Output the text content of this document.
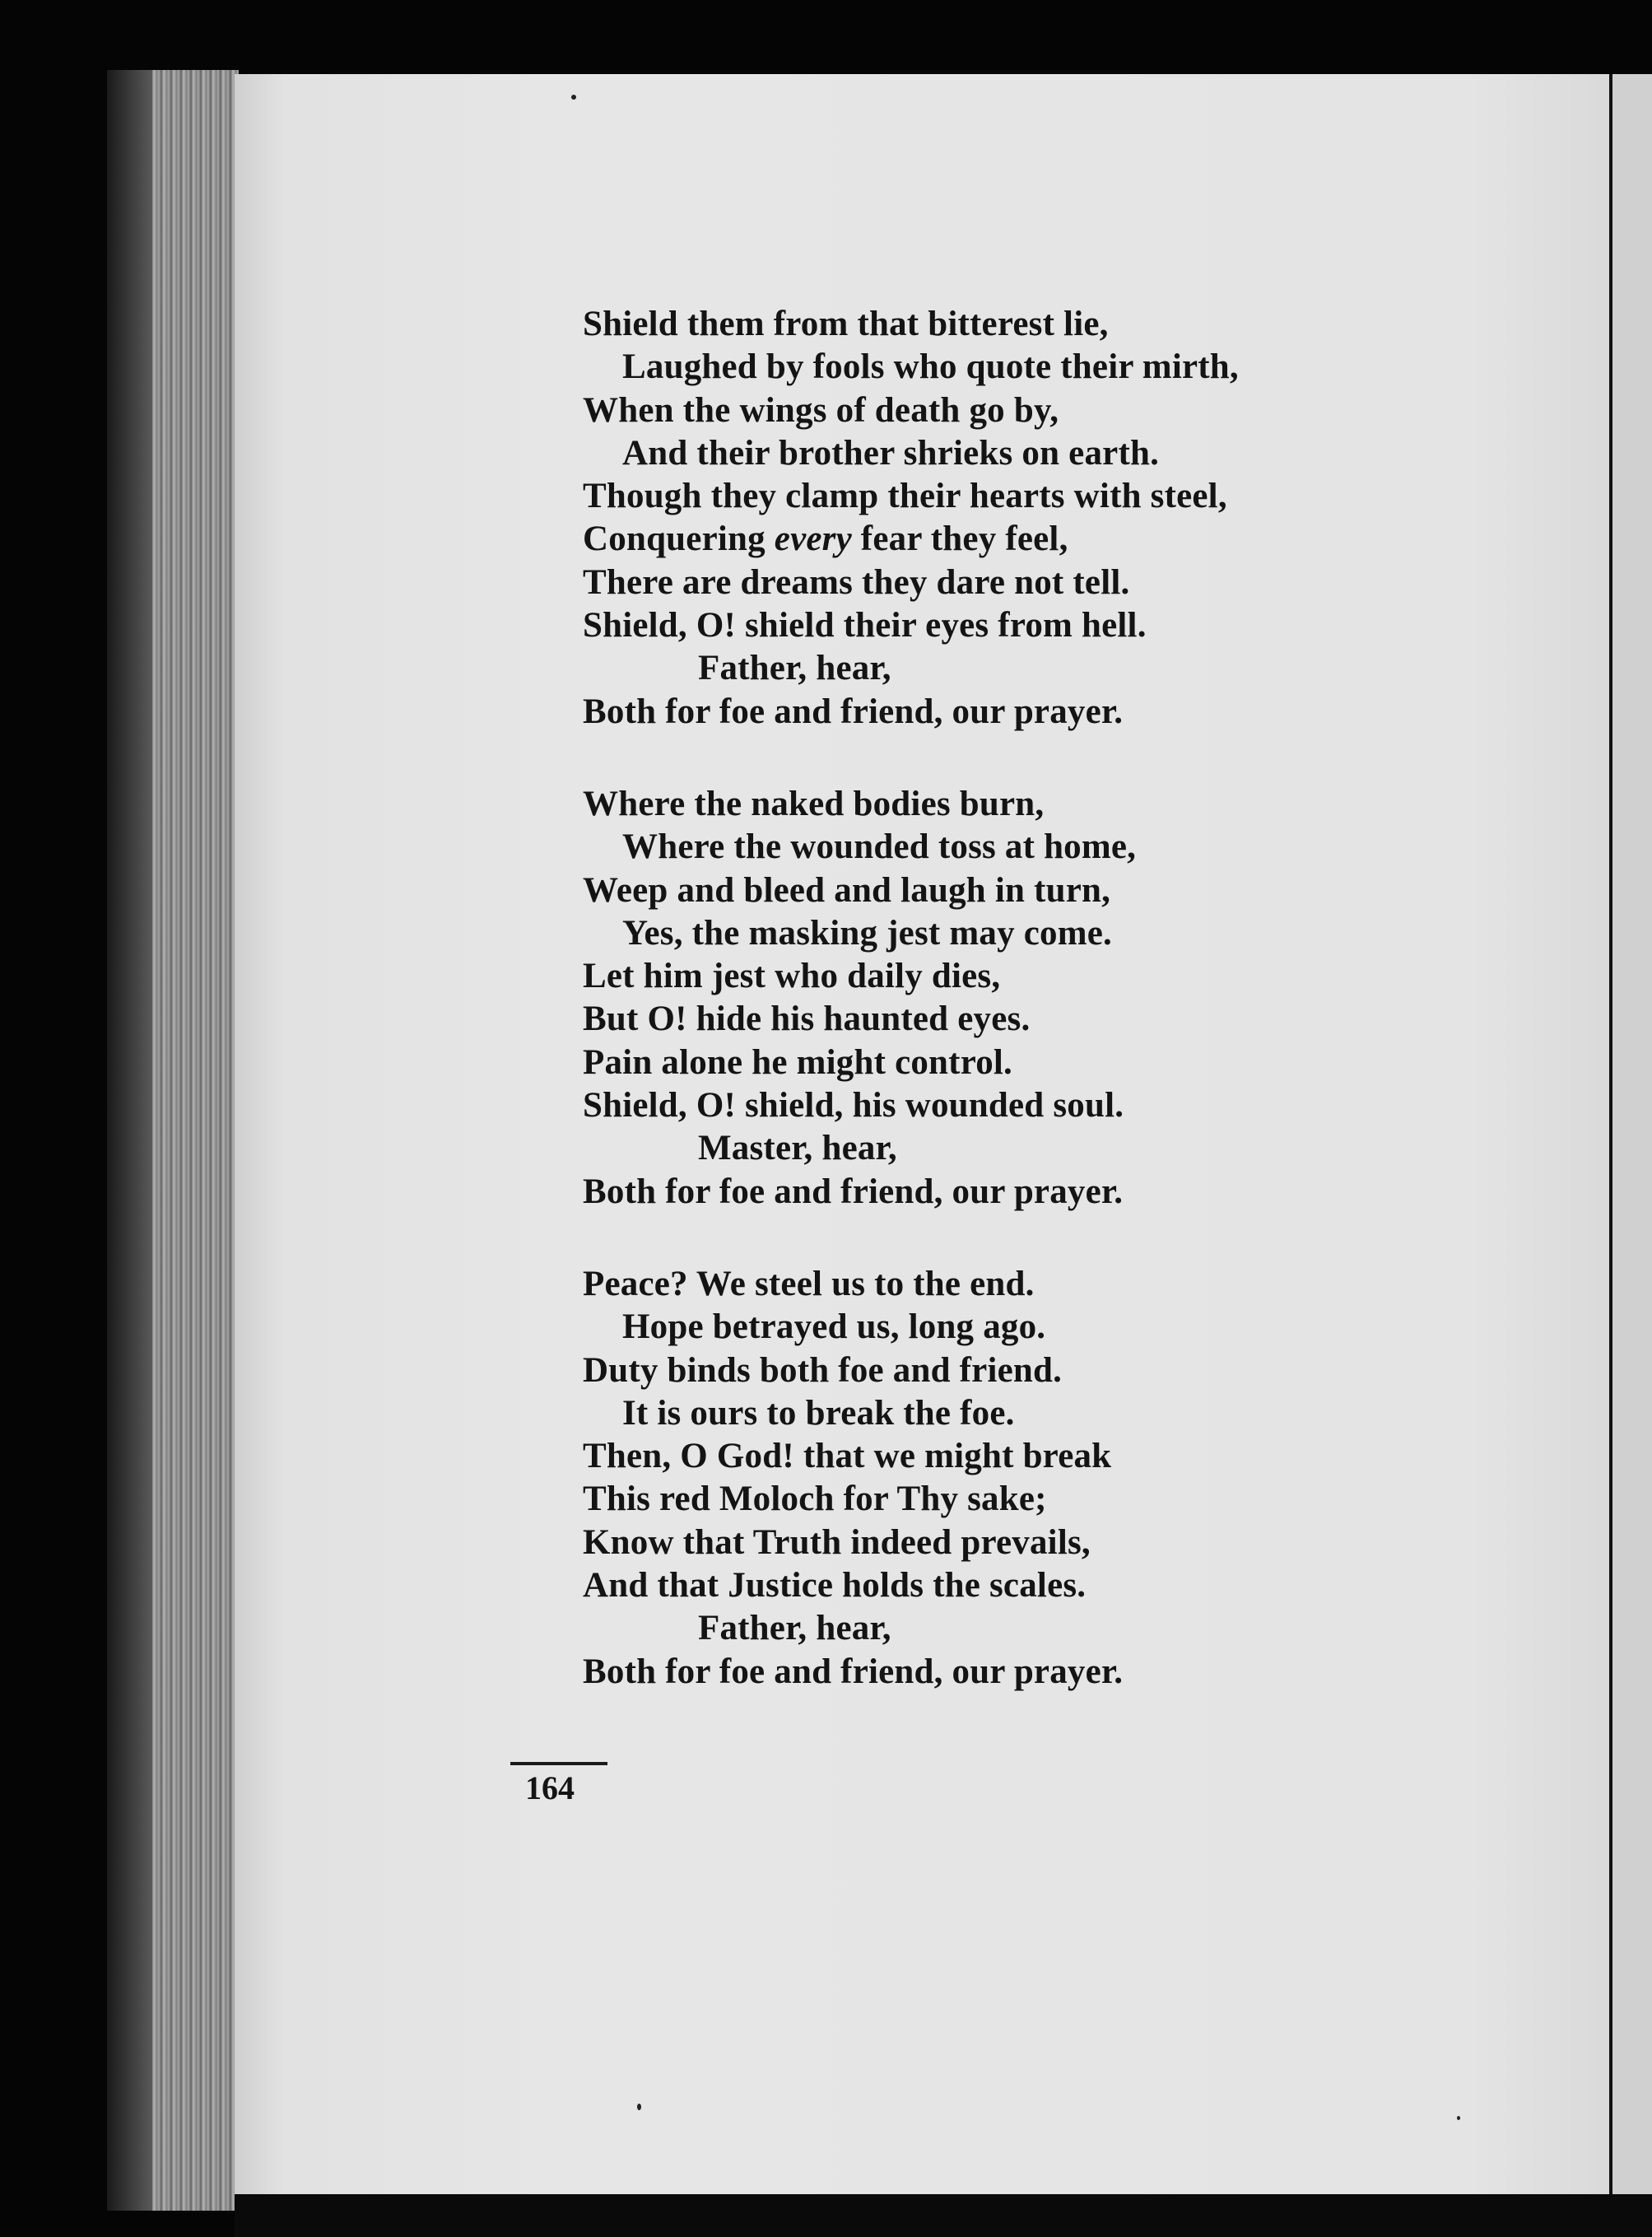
Shield them from that bitterest lie,
Laughed by fools who quote their mirth,
When the wings of death go by,
And their brother shrieks on earth.
Though they clamp their hearts with steel,
Conquering every fear they feel,
There are dreams they dare not tell.
Shield, O! shield their eyes from hell.
Father, hear,
Both for foe and friend, our prayer.
Where the naked bodies burn,
Where the wounded toss at home,
Weep and bleed and laugh in turn,
Yes, the masking jest may come.
Let him jest who daily dies,
But O! hide his haunted eyes.
Pain alone he might control.
Shield, O! shield, his wounded soul.
Master, hear,
Both for foe and friend, our prayer.
Peace? We steel us to the end.
Hope betrayed us, long ago.
Duty binds both foe and friend.
It is ours to break the foe.
Then, O God! that we might break
This red Moloch for Thy sake;
Know that Truth indeed prevails,
And that Justice holds the scales.
Father, hear,
Both for foe and friend, our prayer.
164
